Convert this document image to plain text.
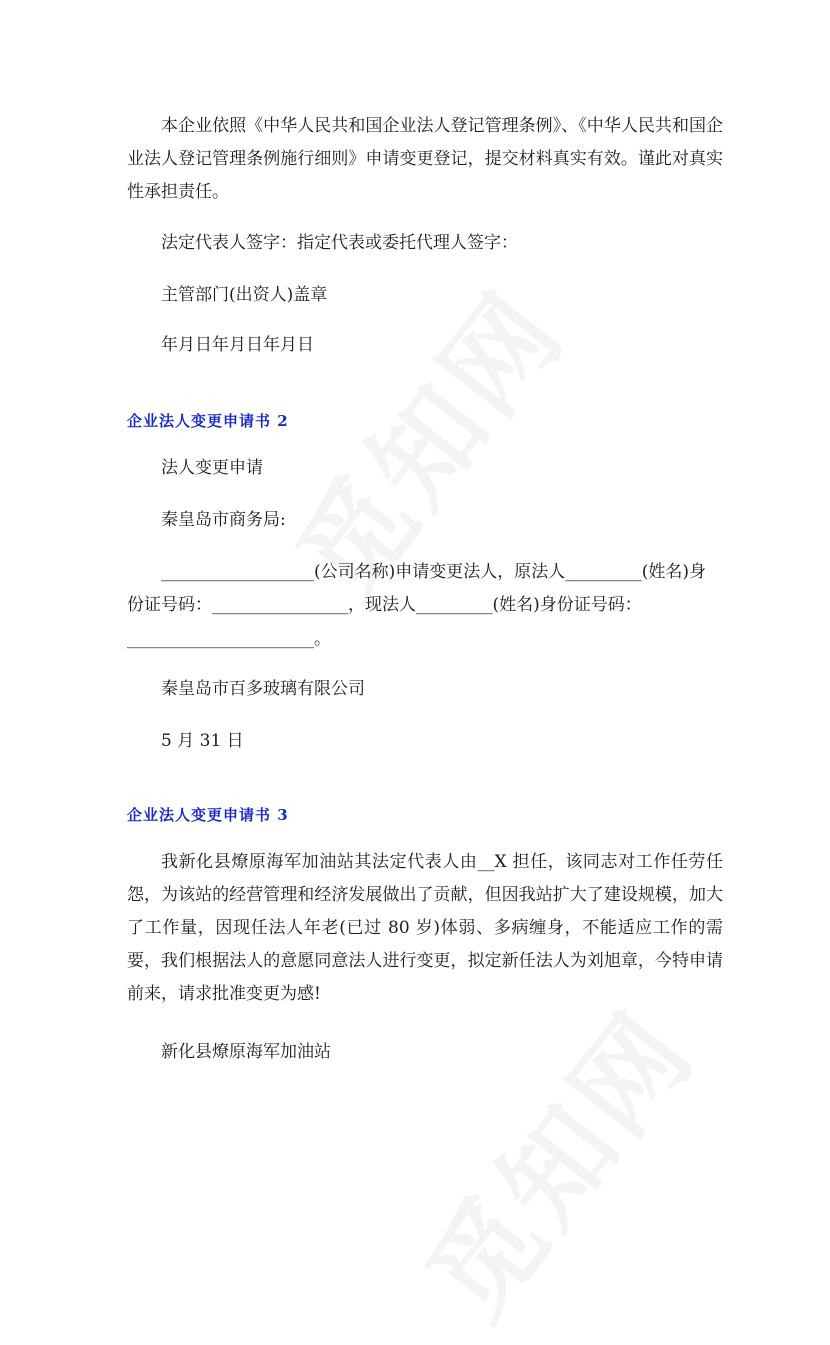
本企业依照《中华人民共和国企业法人登记管理条例》、《中华人民共和国企业法人登记管理条例施行细则》申请变更登记，提交材料真实有效。谨此对真实性承担责任。

法定代表人签字：指定代表或委托代理人签字：
主管部门(出资人)盖章
年月日年月日年月日
企业法人变更申请书 2
法人变更申请
秦皇岛市商务局:
__________________(公司名称)申请变更法人，原法人_________(姓名)身
份证号码：________________，现法人_________(姓名)身份证号码：
______________________。
秦皇岛市百多玻璃有限公司
5 月 31 日
企业法人变更申请书 3

我新化县燎原海军加油站其法定代表人由__X 担任，该同志对工作任劳任怨，为该站的经营管理和经济发展做出了贡献，但因我站扩大了建设规模，加大了工作量，因现任法人年老(已过 80 岁)体弱、多病缠身，不能适应工作的需要，我们根据法人的意愿同意法人进行变更，拟定新任法人为刘旭章，今特申请前来，请求批准变更为感!

新化县燎原海军加油站
